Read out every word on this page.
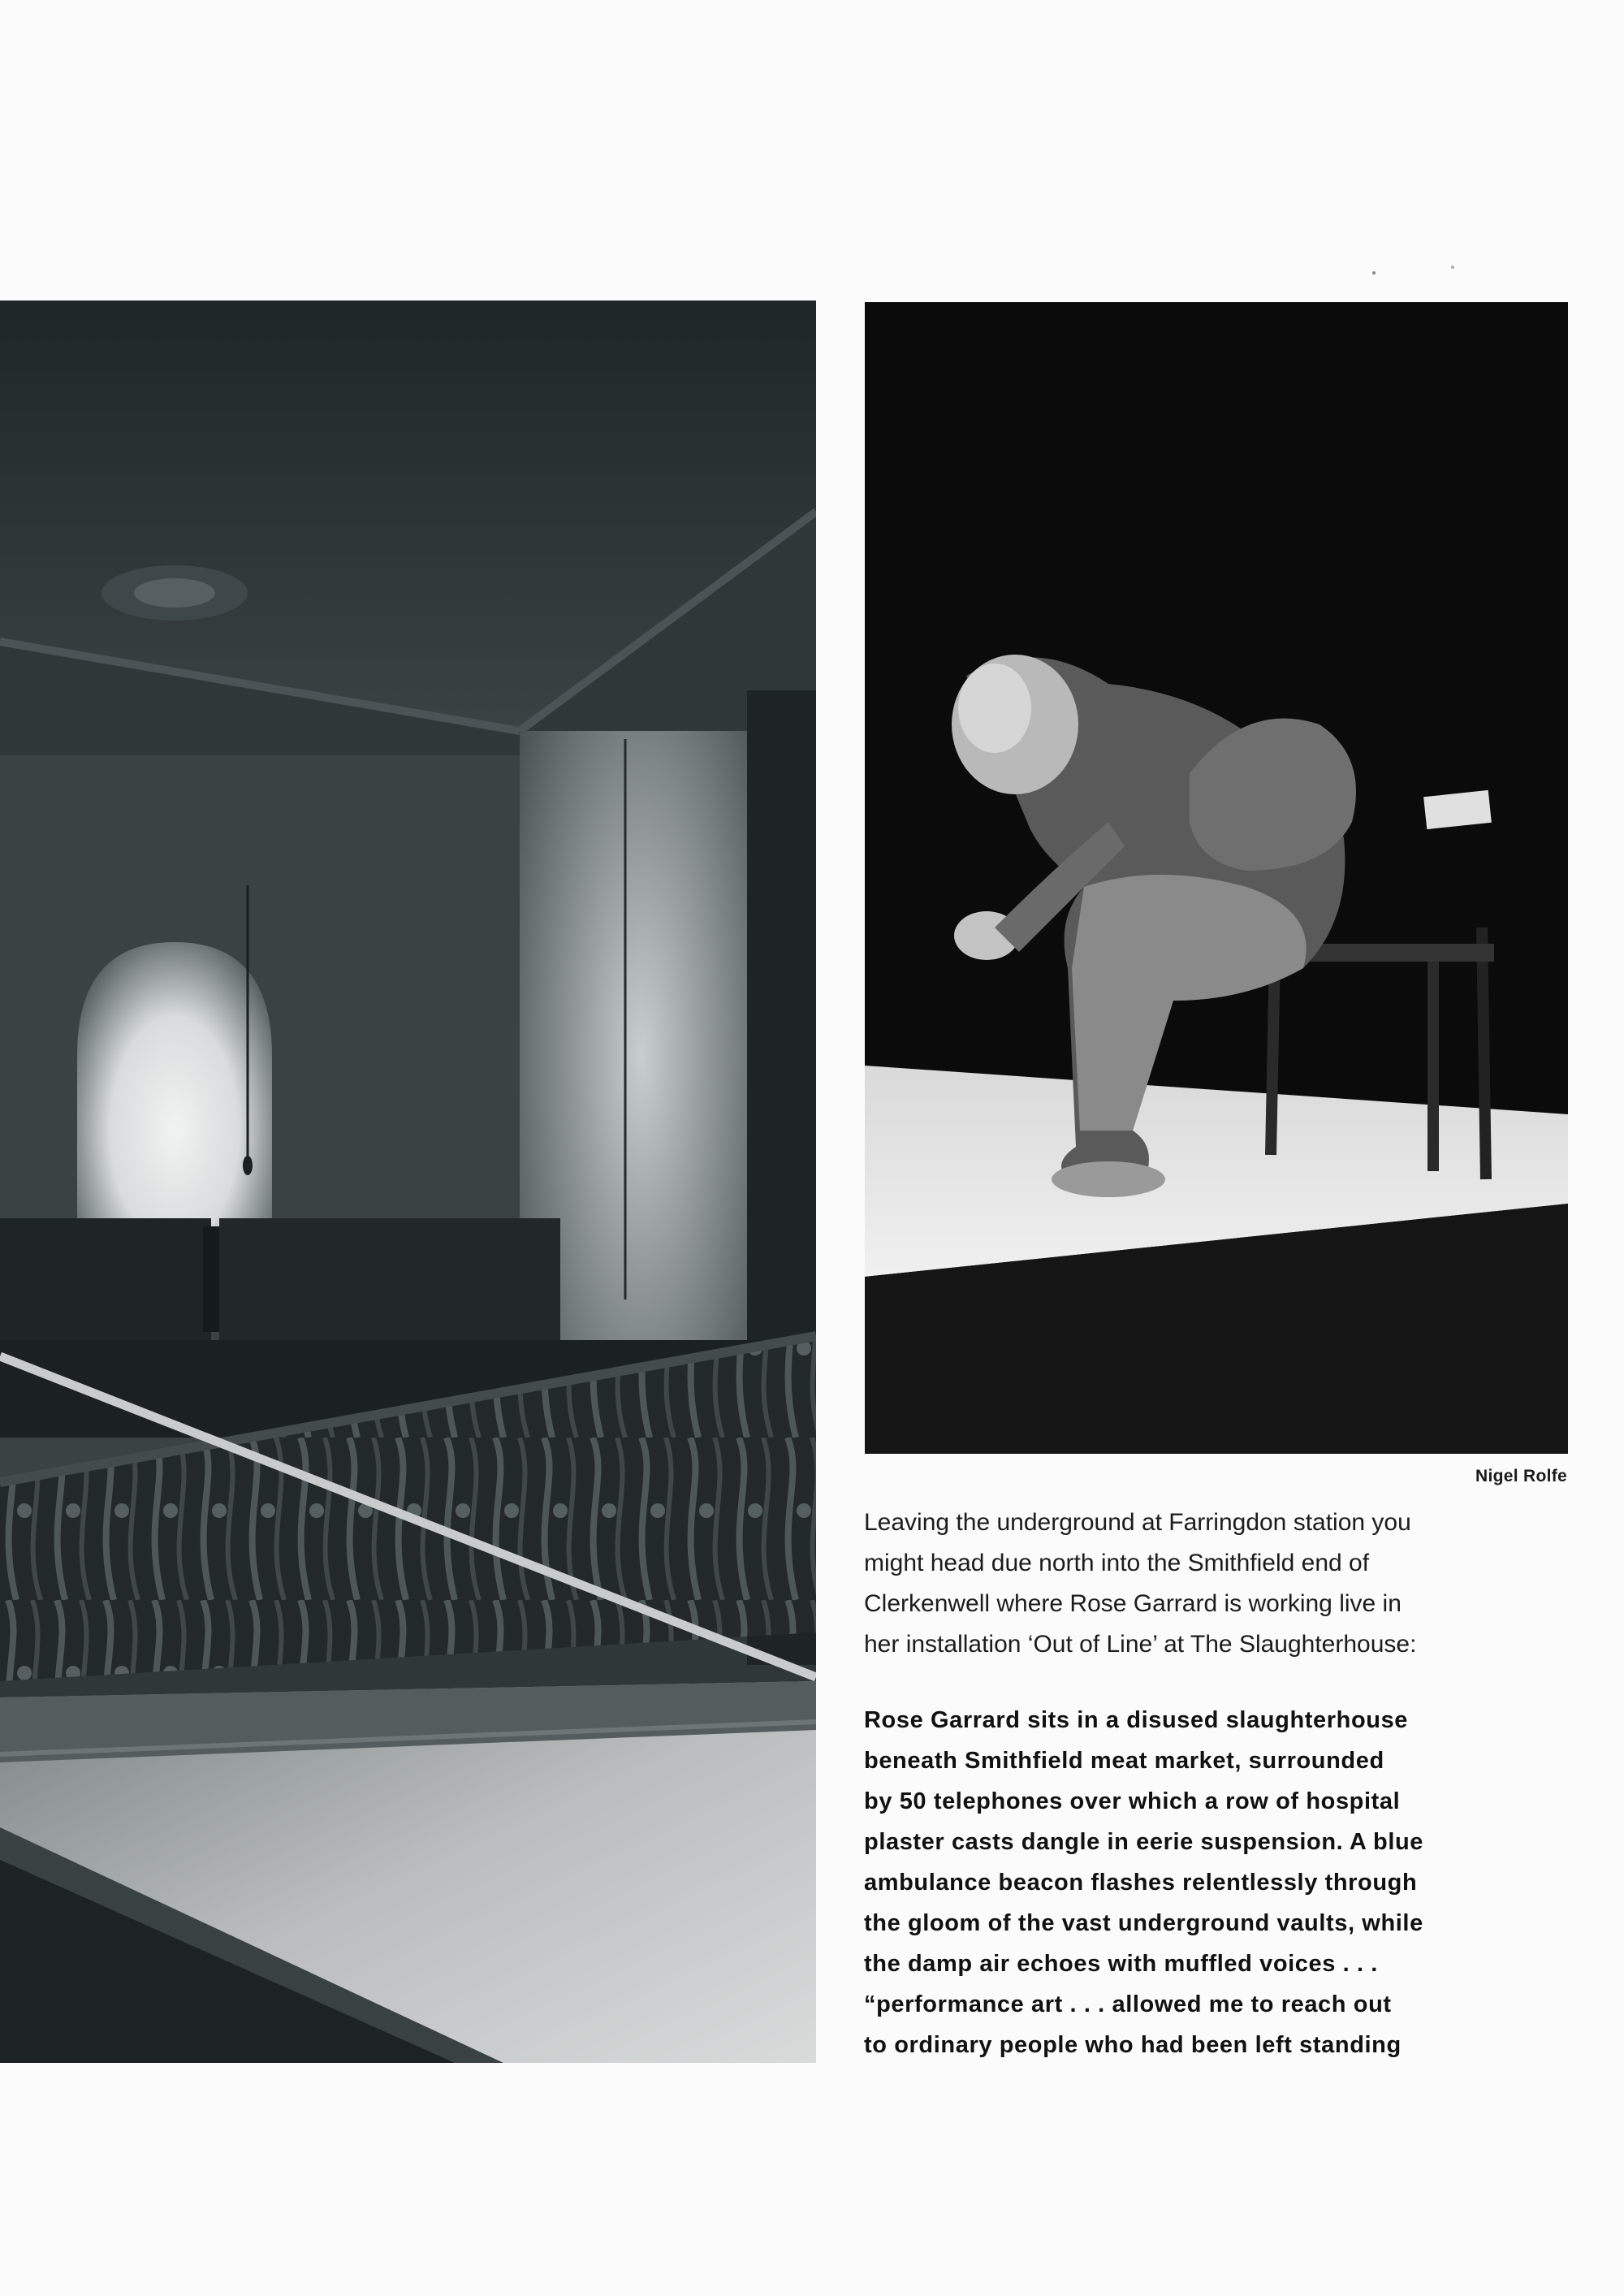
Nigel Rolfe

Leaving the underground at Farringdon station you
might head due north into the Smithfield end of
Clerkenwell where Rose Garrard is working live in
her installation ‘Out of Line’ at The Slaughterhouse:

Rose Garrard sits in a disused slaughterhouse
beneath Smithfield meat market, surrounded
by 50 telephones over which a row of hospital
plaster casts dangle in eerie suspension. A blue
ambulance beacon flashes relentlessly through
the gloom of the vast underground vaults, while
the damp air echoes with muffled voices . . .
“performance art . . . allowed me to reach out
to ordinary people who had been left standing
